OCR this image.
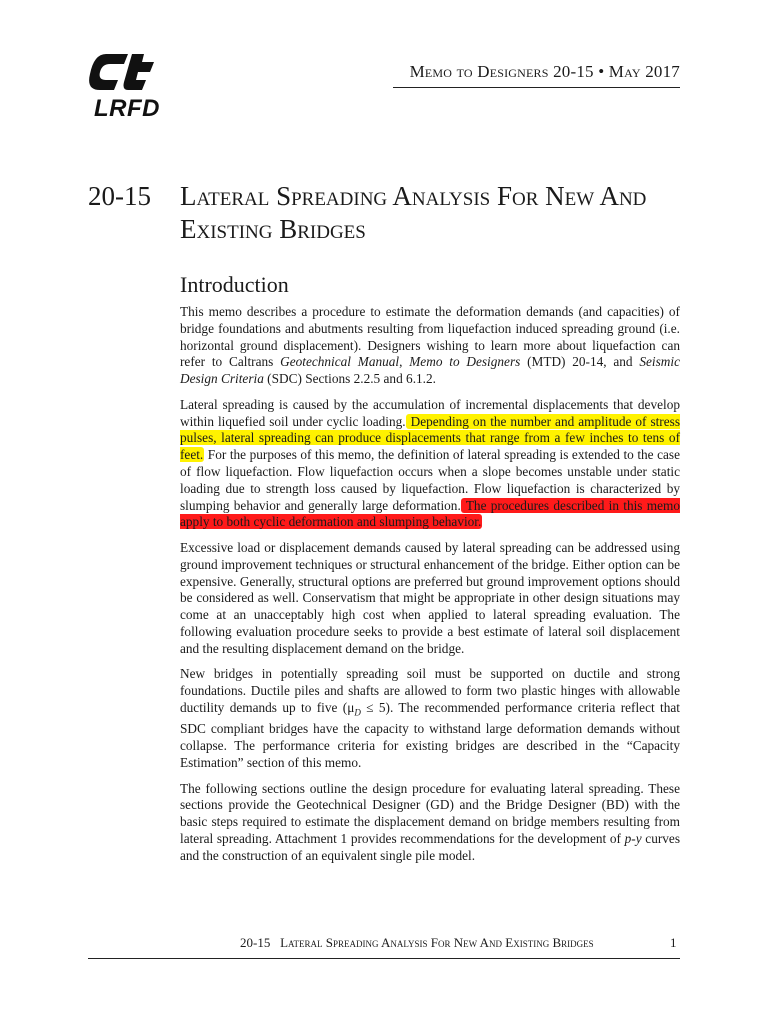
LRFD
Memo to Designers 20-15 • May 2017
20-15 Lateral Spreading Analysis For New And Existing Bridges
Introduction

This memo describes a procedure to estimate the deformation demands (and capacities) of bridge foundations and abutments resulting from liquefaction induced spreading ground (i.e. horizontal ground displacement). Designers wishing to learn more about liquefaction can refer to Caltrans Geotechnical Manual, Memo to Designers (MTD) 20-14, and Seismic Design Criteria (SDC) Sections 2.2.5 and 6.1.2.

Lateral spreading is caused by the accumulation of incremental displacements that develop within liquefied soil under cyclic loading. Depending on the number and amplitude of stress pulses, lateral spreading can produce displacements that range from a few inches to tens of feet. For the purposes of this memo, the definition of lateral spreading is extended to the case of flow liquefaction. Flow liquefaction occurs when a slope becomes unstable under static loading due to strength loss caused by liquefaction. Flow liquefaction is characterized by slumping behavior and generally large deformation. The procedures described in this memo apply to both cyclic deformation and slumping behavior.

Excessive load or displacement demands caused by lateral spreading can be addressed using ground improvement techniques or structural enhancement of the bridge. Either option can be expensive. Generally, structural options are preferred but ground improvement options should be considered as well. Conservatism that might be appropriate in other design situations may come at an unacceptably high cost when applied to lateral spreading evaluation. The following evaluation procedure seeks to provide a best estimate of lateral soil displacement and the resulting displacement demand on the bridge.

New bridges in potentially spreading soil must be supported on ductile and strong foundations. Ductile piles and shafts are allowed to form two plastic hinges with allowable ductility demands up to five $(\mu_D \le 5)$. The recommended performance criteria reflect that SDC compliant bridges have the capacity to withstand large deformation demands without collapse. The performance criteria for existing bridges are described in the “Capacity Estimation” section of this memo.

The following sections outline the design procedure for evaluating lateral spreading. These sections provide the Geotechnical Designer (GD) and the Bridge Designer (BD) with the basic steps required to estimate the displacement demand on bridge members resulting from lateral spreading. Attachment 1 provides recommendations for the development of p-y curves and the construction of an equivalent single pile model.

20-15   Lateral Spreading Analysis For New And Existing Bridges	1
